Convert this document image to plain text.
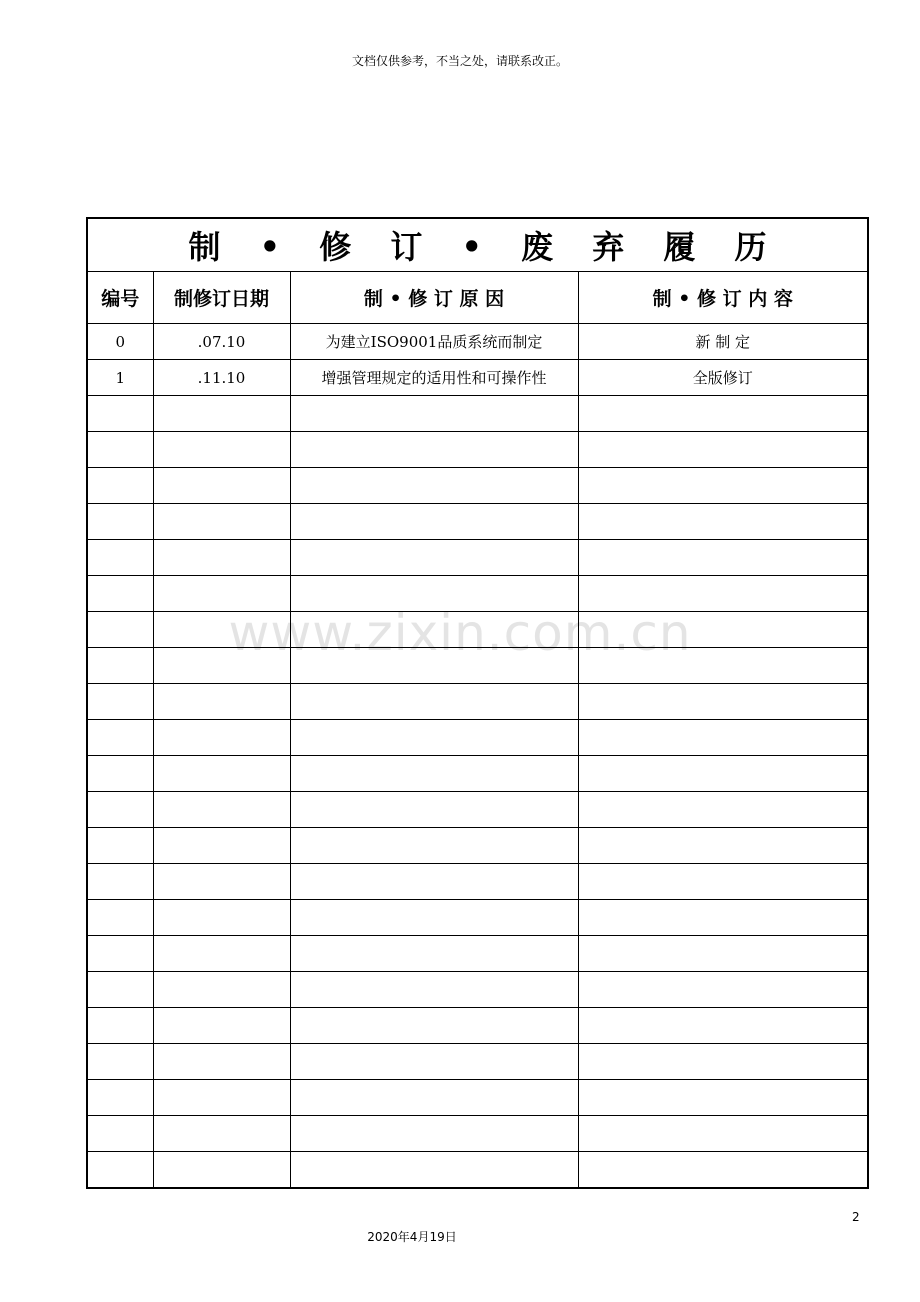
文档仅供参考，不当之处，请联系改正。
www.zixin.com.cn
制 • 修 订 • 废 弃 履 历			
编号	制修订日期	制 • 修 订 原 因	制 • 修 订 内 容
0	.07.10	为建立ISO9001品质系统而制定	新 制 定
1	.11.10	增强管理规定的适用性和可操作性	全版修订

2
2020年4月19日
